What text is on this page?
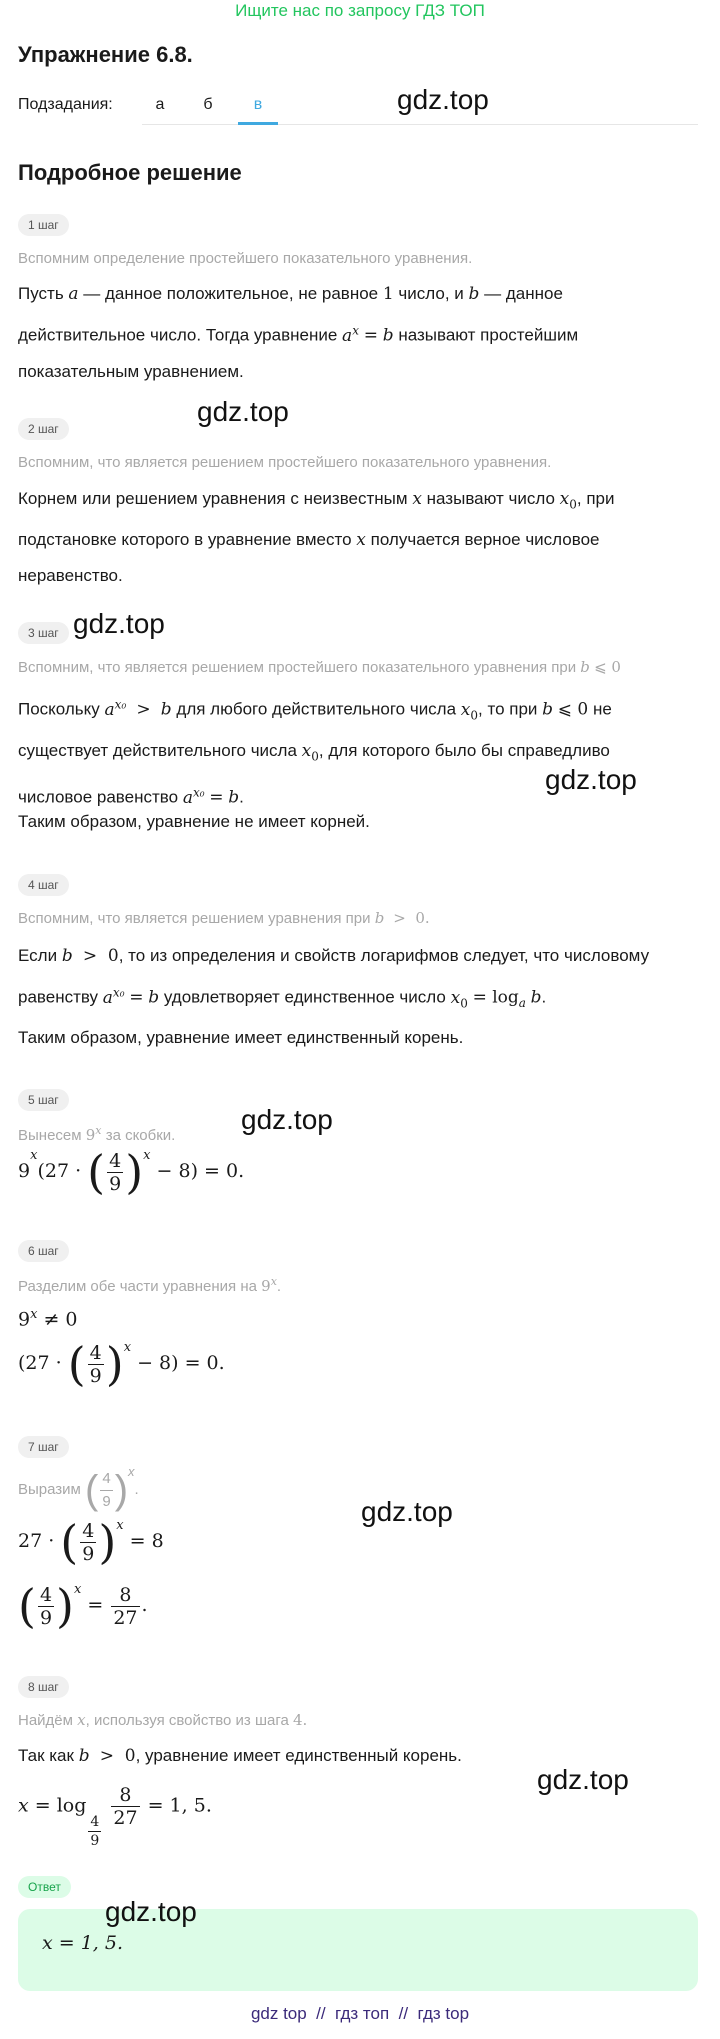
Ищите нас по запросу ГДЗ ТОП
Упражнение 6.8.
Подзадания:	а	б	в
Подробное решение
1 шаг
Вспомним определение простейшего показательного уравнения.
Пусть a — данное положительное, не равное 1 число, и b — данное
действительное число. Тогда уравнение $a^x = b$ называют простейшим
показательным уравнением.
2 шаг
Вспомним, что является решением простейшего показательного уравнения.
Корнем или решением уравнения с неизвестным x называют число $x_0$, при
подстановке которого в уравнение вместо x получается верное числовое
неравенство.
3 шаг
Вспомним, что является решением простейшего показательного уравнения при b ⩽ 0
Поскольку $a^{x_0} > b$ для любого действительного числа $x_0$, то при b ⩽ 0 не
существует действительного числа $x_0$, для которого было бы справедливо
числовое равенство $a^{x_0} = b$.
Таким образом, уравнение не имеет корней.
4 шаг
Вспомним, что является решением уравнения при b  >  0.
Если b  >  0, то из определения и свойств логарифмов следует, что числовому
равенству $a^{x_0} = b$ удовлетворяет единственное число $x_0 = \log_a b$.
Таким образом, уравнение имеет единственный корень.
5 шаг
Вынесем 9$^x$ за скобки.
$9^x(27$ · ( $\frac{4}{9} )^x - 8) = 0$.
6 шаг
Разделим обе части уравнения на 9$^x$.
$9^x \ne 0$
(27 · ( $\frac{4}{9} )^x - 8) = 0$.
7 шаг
Выразим ( $\frac{4}{9} )x$.
27 · ( $\frac{4}{9} )^x = 8$
( $\frac{4}{9} )^x = \frac{8}{27}$ .
8 шаг
Найдём x, используя свойство из шага 4.
Так как b  >  0, уравнение имеет единственный корень.
x = log
$\frac{4}{9}$

$\frac{8}{27} = 1$, 5.
Ответ
x = 1, 5.
gdz.top
gdz.top
gdz.top
gdz.top
gdz.top
gdz.top
gdz.top
gdz.top
gdz top  //  гдз топ  //  гдз top
